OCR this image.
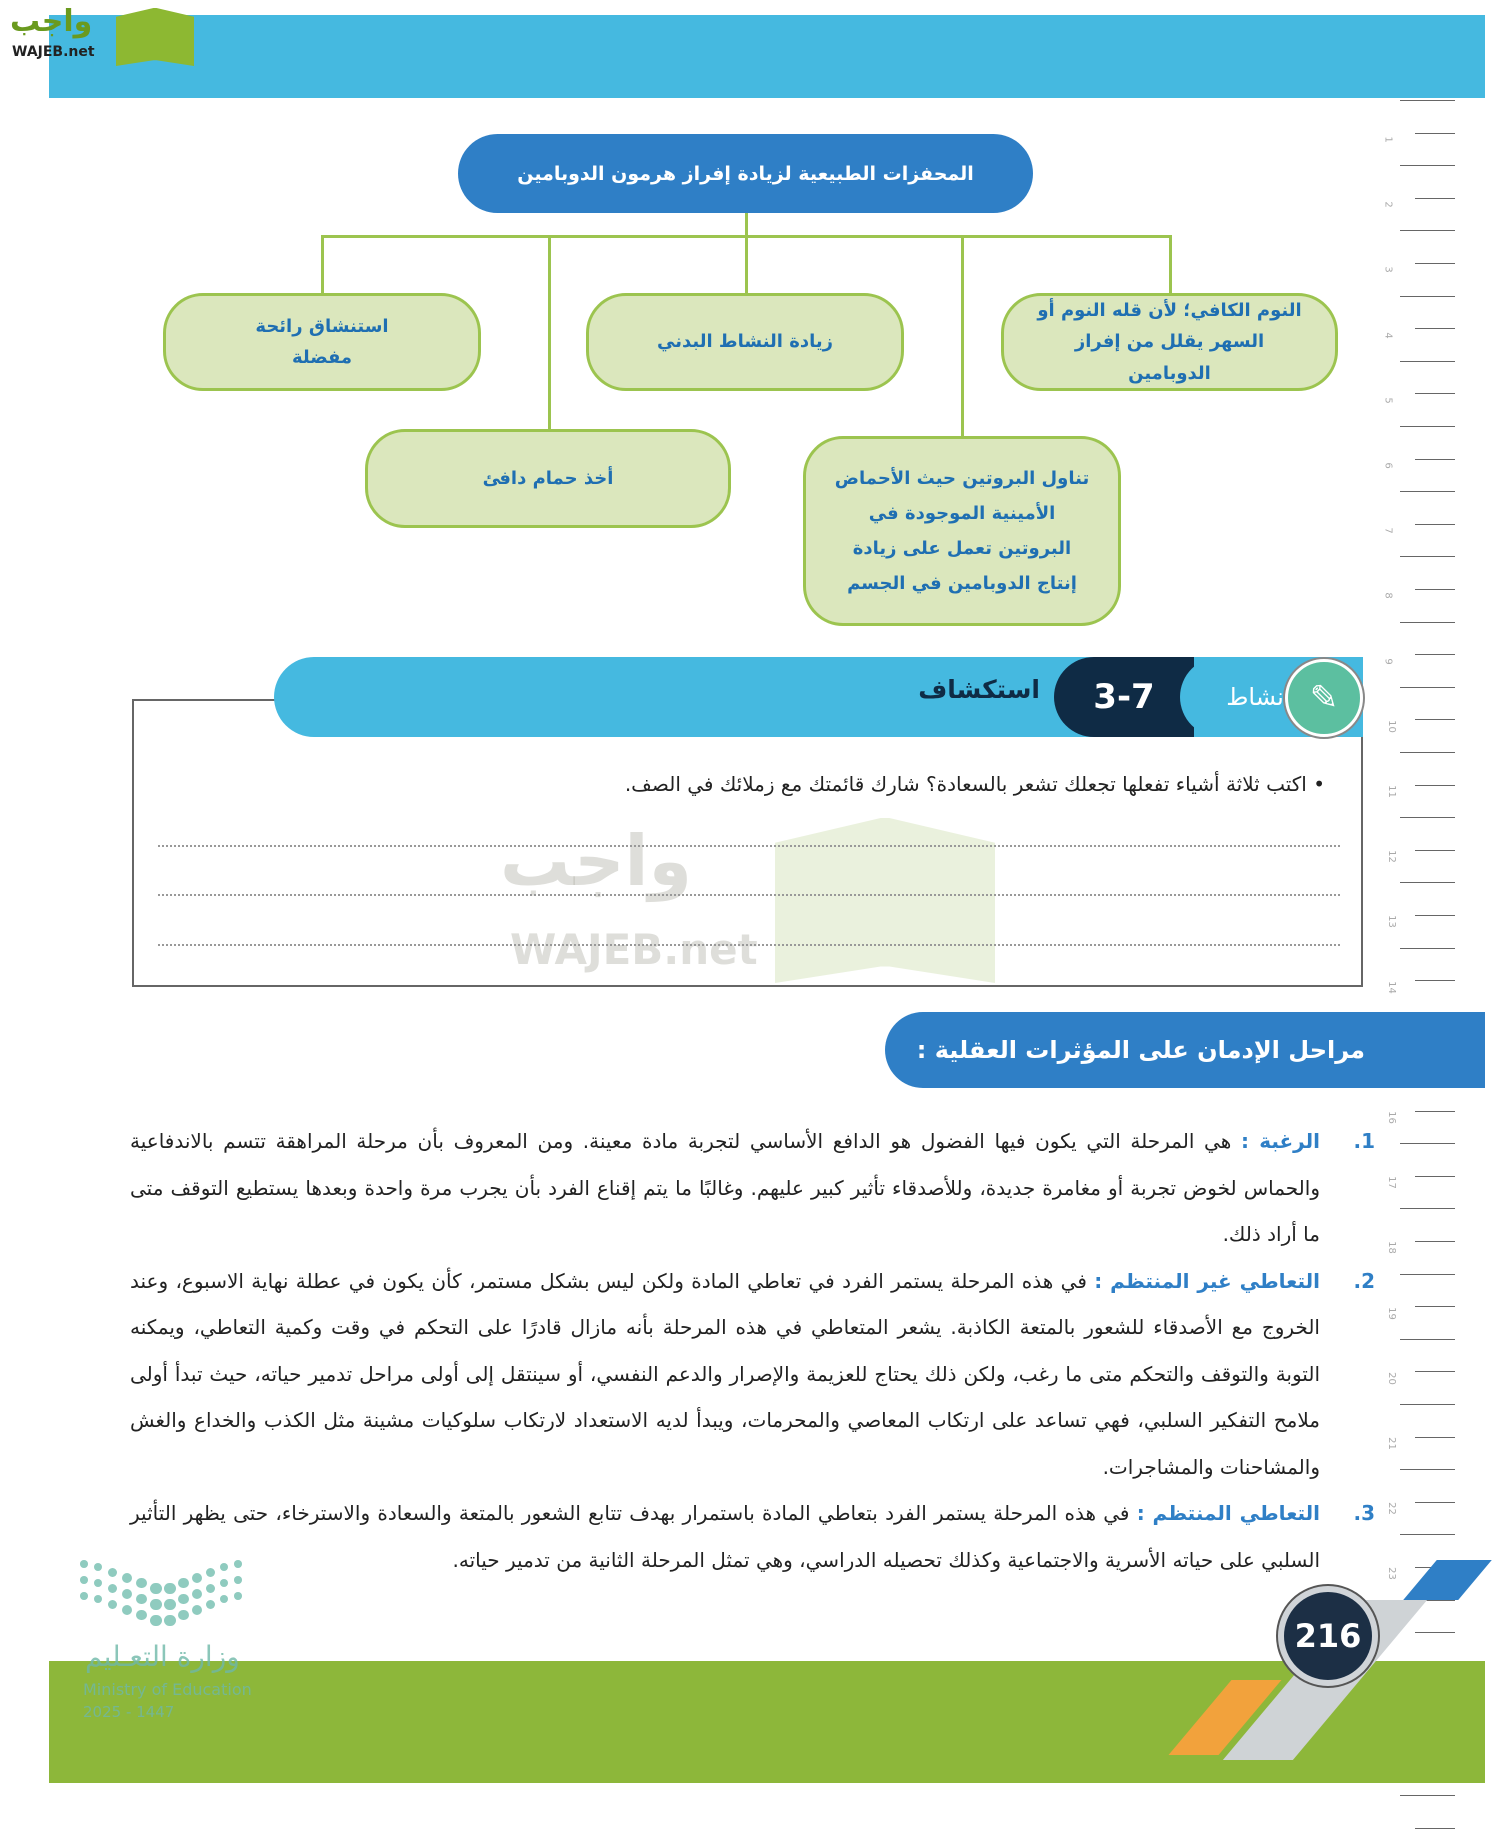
واجب
WAJEB.net
1
2
3
4
5
6
7
8
9
10
11
12
13
14
16
17
18
19
20
21
22
23
المحفزات الطبيعية لزيادة إفراز هرمون الدوبامين
النوم الكافي؛ لأن قله النوم أو السهر يقلل من إفراز الدوبامين
زيادة النشاط البدني
استنشاق رائحة مفضلة
تناول البروتين حيث الأحماض الأمينية الموجودة في البروتين تعمل على زيادة إنتاج الدوبامين في الجسم
أخذ حمام دافئ
استكشاف	3-7	نشاط ✎
• اكتب ثلاثة أشياء تفعلها تجعلك تشعر بالسعادة؟ شارك قائمتك مع زملائك في الصف.
واجب
WAJEB.net
مراحل الإدمان على المؤثرات العقلية :
1.
الرغبة : هي المرحلة التي يكون فيها الفضول هو الدافع الأساسي لتجربة مادة معينة. ومن المعروف بأن مرحلة المراهقة تتسم بالاندفاعية والحماس لخوض تجربة أو مغامرة جديدة، وللأصدقاء تأثير كبير عليهم. وغالبًا ما يتم إقناع الفرد بأن يجرب مرة واحدة وبعدها يستطيع التوقف متى ما أراد ذلك.
2.
التعاطي غير المنتظم : في هذه المرحلة يستمر الفرد في تعاطي المادة ولكن ليس بشكل مستمر، كأن يكون في عطلة نهاية الاسبوع، وعند الخروج مع الأصدقاء للشعور بالمتعة الكاذبة. يشعر المتعاطي في هذه المرحلة بأنه مازال قادرًا على التحكم في وقت وكمية التعاطي، ويمكنه التوبة والتوقف والتحكم متى ما رغب، ولكن ذلك يحتاج للعزيمة والإصرار والدعم النفسي، أو سينتقل إلى أولى مراحل تدمير حياته، حيث تبدأ أولى ملامح التفكير السلبي، فهي تساعد على ارتكاب المعاصي والمحرمات، ويبدأ لديه الاستعداد لارتكاب سلوكيات مشينة مثل الكذب والخداع والغش والمشاحنات والمشاجرات.
3.
التعاطي المنتظم : في هذه المرحلة يستمر الفرد بتعاطي المادة باستمرار بهدف تتابع الشعور بالمتعة والسعادة والاسترخاء، حتى يظهر التأثير السلبي على حياته الأسرية والاجتماعية وكذلك تحصيله الدراسي، وهي تمثل المرحلة الثانية من تدمير حياته.
وزارة التعـليم
Ministry of Education
2025 - 1447
216
